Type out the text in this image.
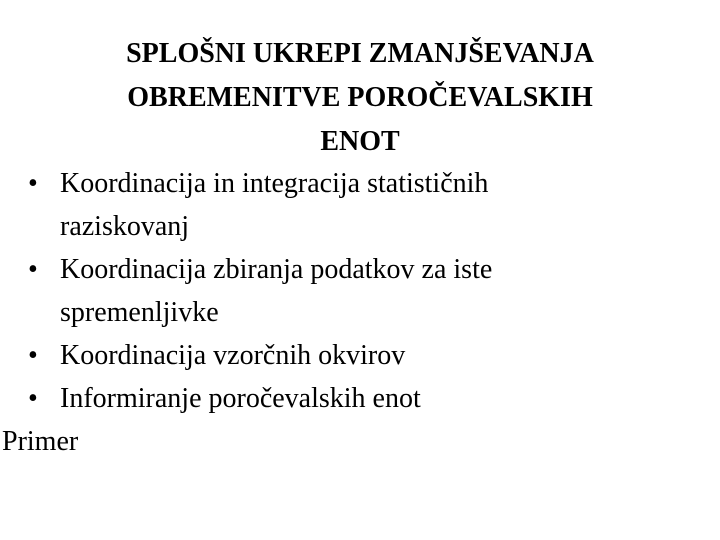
SPLOŠNI UKREPI ZMANJŠEVANJA
OBREMENITVE POROČEVALSKIH
ENOT
• Koordinacija in integracija statističnih
raziskovanj
• Koordinacija zbiranja podatkov za iste
spremenljivke
• Koordinacija vzorčnih okvirov
• Informiranje poročevalskih enot
Primer
